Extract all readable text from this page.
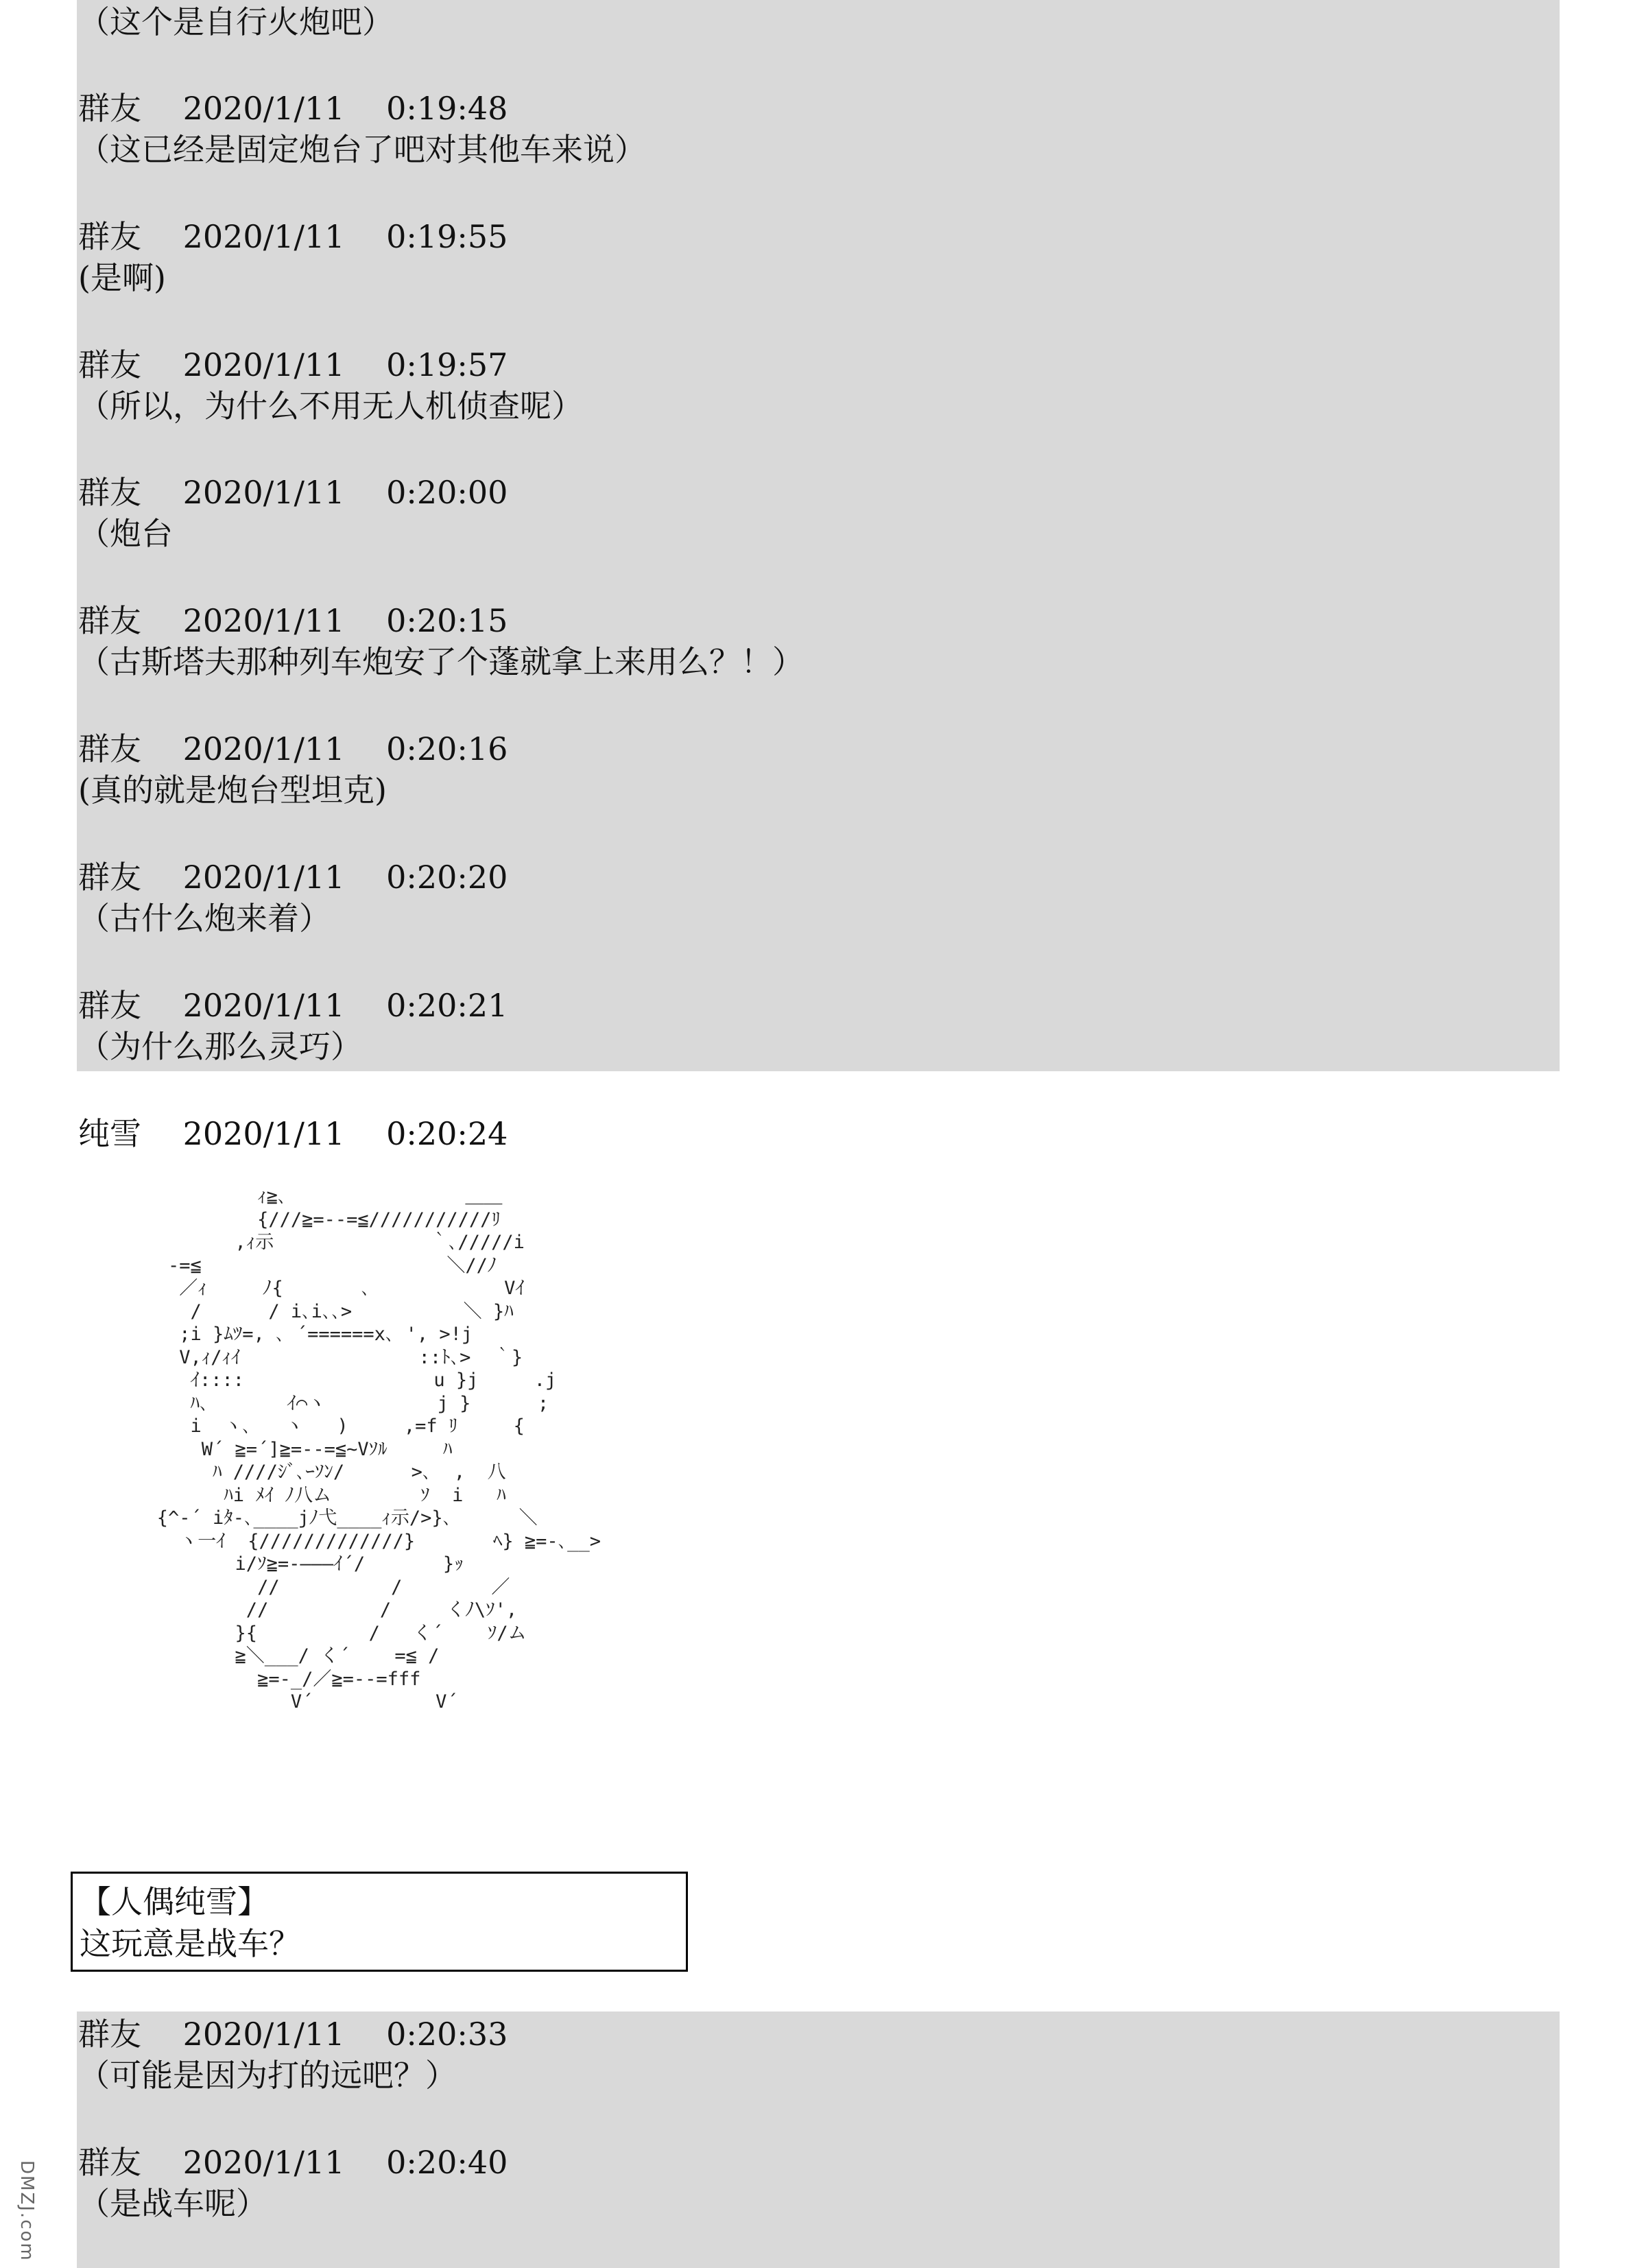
（这个是自行火炮吧）
群友　 2020/1/11　 0:19:48
（这已经是固定炮台了吧对其他车来说）
群友　 2020/1/11　 0:19:55
(是啊)
群友　 2020/1/11　 0:19:57
（所以，为什么不用无人机侦查呢）
群友　 2020/1/11　 0:20:00
（炮台
群友　 2020/1/11　 0:20:15
（古斯塔夫那种列车炮安了个蓬就拿上来用么？！）
群友　 2020/1/11　 0:20:16
(真的就是炮台型坦克)
群友　 2020/1/11　 0:20:20
（古什么炮来着）
群友　 2020/1/11　 0:20:21
（为什么那么灵巧）
纯雪　 2020/1/11　 0:20:24
ｨ≧､                ＿＿
{///≧=--=≦///////////ﾘ
,ｨ示              ｀､/////i
-=≦                      ＼//ﾉ
／ｨ     ﾉ{       ､            Vｲ
/      / i､i､､>          ＼ }ﾊ
;i }ﾑﾂ=, ､ ´======x､ ', >!j
V,ｨ/ｨｲ                ::ﾄ､>  ｀}
ｲ::::                 u }j     .j
ﾊ､       ｲ⌒ヽ          j }      ;
i  ヽ､   ヽ   )     ,=f ﾘ     {
W´ ≧=´]≧=--=≦~Vｿﾙ     ﾊ
ﾊ ////ｼﾞ､ｰｿﾝ/      >､  ,  八
ﾊi ﾒｲ ﾉ八ム        ｿ  i   ﾊ
{^-´ iﾀ-､____jﾉ弋____ｨ示/>}､      ＼
ヽ一ｲ  {/////////////}       ﾍ} ≧=-､__>
i/ｿ≧=-―――ｲ´/       }ｯ
//          /        ／
//          /     くﾉ\ｿ',
}{          /   く´    ｿ/ム
≧＼___/ く´    =≦ /
≧=-_/／≧=--=fff
V´           V´
【人偶纯雪】
这玩意是战车？
群友　 2020/1/11　 0:20:33
（可能是因为打的远吧？）
群友　 2020/1/11　 0:20:40
（是战车呢）
DMZJ.com
